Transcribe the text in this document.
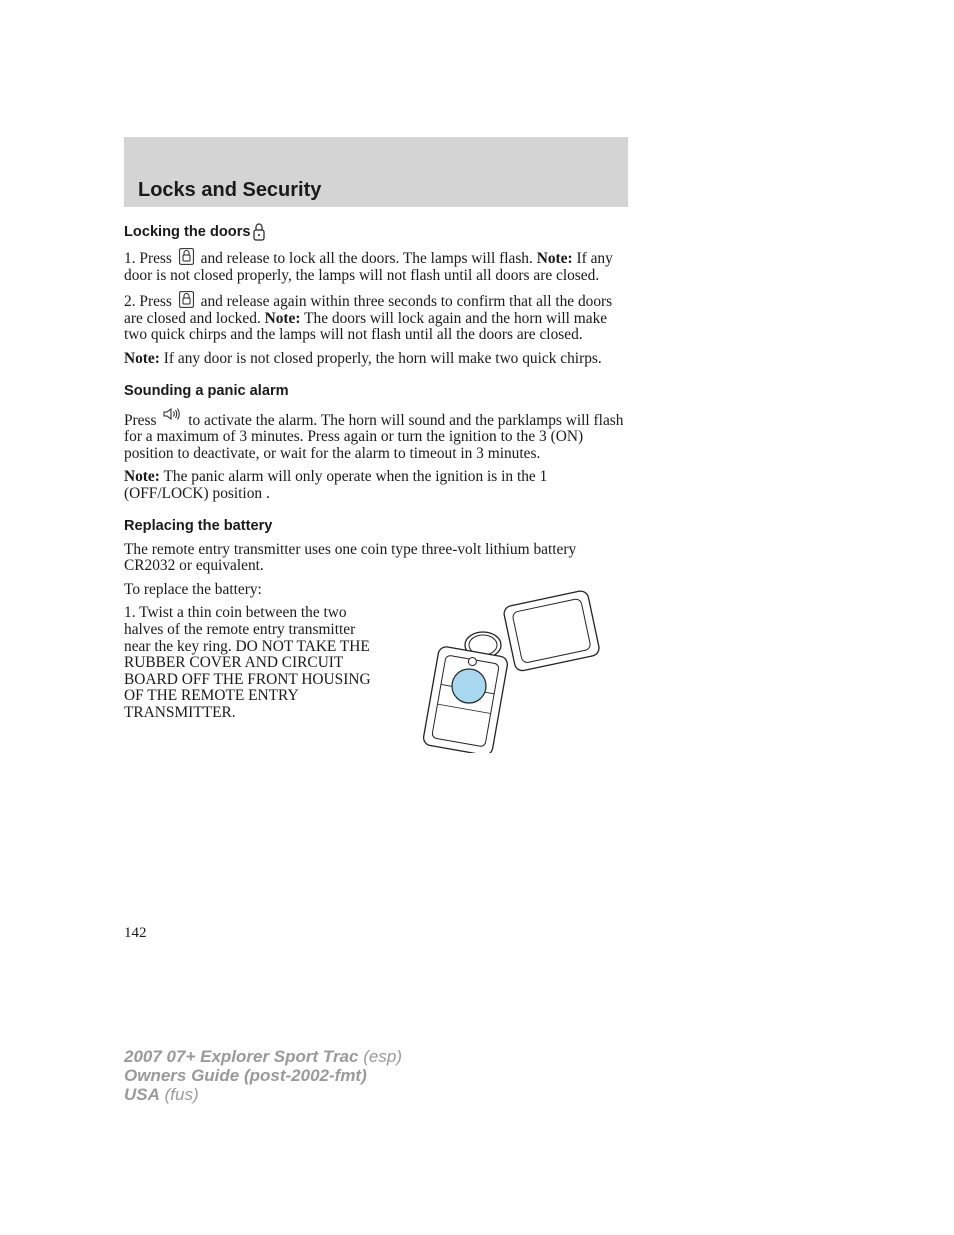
Locks and Security
Locking the doors

1. Press and release to lock all the doors. The lamps will flash. Note: If any door is not closed properly, the lamps will not flash until all doors are closed.

2. Press and release again within three seconds to confirm that all the doors are closed and locked. Note: The doors will lock again and the horn will make two quick chirps and the lamps will not flash until all the doors are closed.

Note: If any door is not closed properly, the horn will make two quick chirps.

Sounding a panic alarm

Press to activate the alarm. The horn will sound and the parklamps will flash for a maximum of 3 minutes. Press again or turn the ignition to the 3 (ON) position to deactivate, or wait for the alarm to timeout in 3 minutes.

Note: The panic alarm will only operate when the ignition is in the 1 (OFF/LOCK) position .

Replacing the battery

The remote entry transmitter uses one coin type three-volt lithium battery CR2032 or equivalent.

To replace the battery:

1. Twist a thin coin between the two halves of the remote entry transmitter near the key ring. DO NOT TAKE THE RUBBER COVER AND CIRCUIT BOARD OFF THE FRONT HOUSING OF THE REMOTE ENTRY TRANSMITTER.

142
2007 07+ Explorer Sport Trac (esp)
Owners Guide (post-2002-fmt)
USA (fus)
